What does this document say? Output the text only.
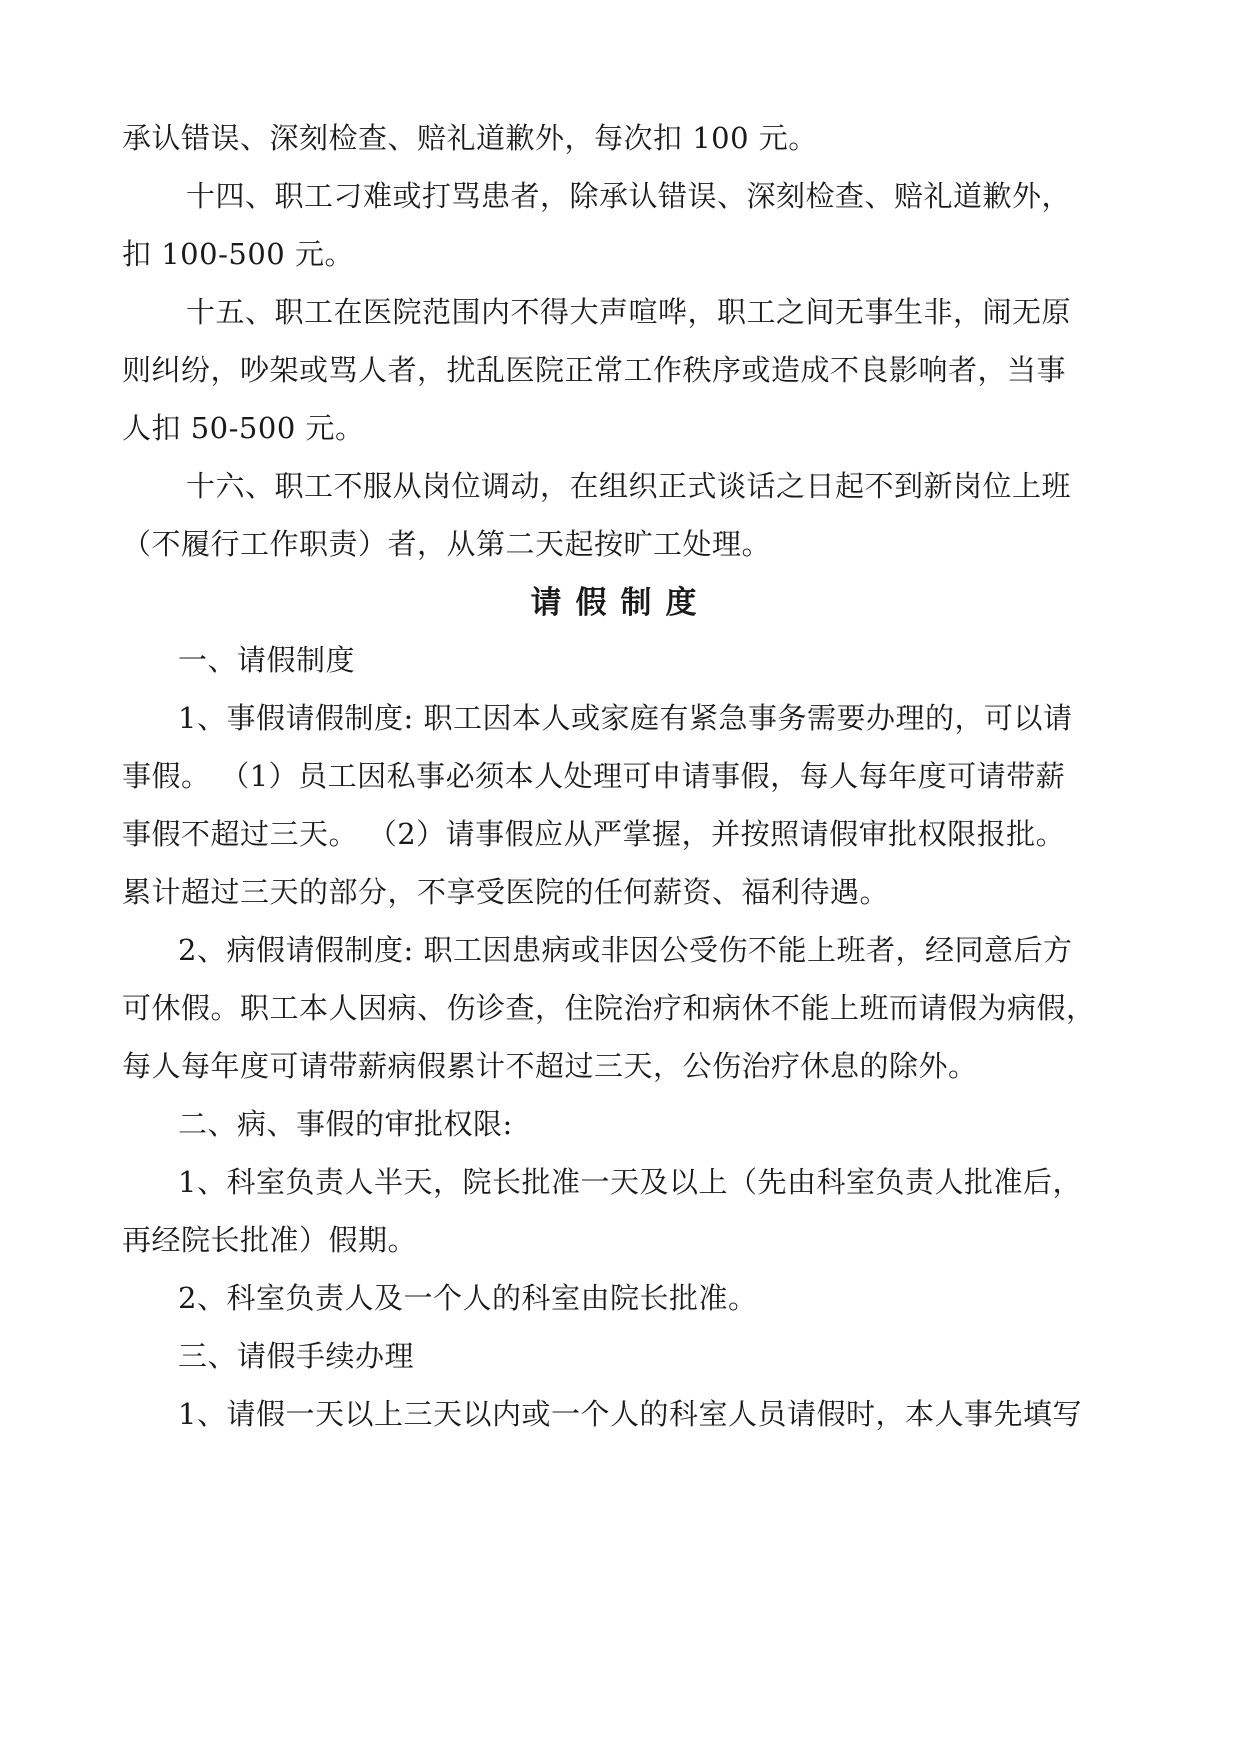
承认错误、深刻检查、赔礼道歉外，每次扣 100 元。
十四、职工刁难或打骂患者，除承认错误、深刻检查、赔礼道歉外，
扣 100-500 元。
十五、职工在医院范围内不得大声喧哗，职工之间无事生非，闹无原
则纠纷，吵架或骂人者，扰乱医院正常工作秩序或造成不良影响者，当事
人扣 50-500 元。
十六、职工不服从岗位调动，在组织正式谈话之日起不到新岗位上班
（不履行工作职责）者，从第二天起按旷工处理。
请假制度
一、请假制度
1、事假请假制度: 职工因本人或家庭有紧急事务需要办理的，可以请
事假。 （1）员工因私事必须本人处理可申请事假，每人每年度可请带薪
事假不超过三天。 （2）请事假应从严掌握，并按照请假审批权限报批。
累计超过三天的部分，不享受医院的任何薪资、福利待遇。
2、病假请假制度: 职工因患病或非因公受伤不能上班者，经同意后方
可休假。职工本人因病、伤诊查，住院治疗和病休不能上班而请假为病假，
每人每年度可请带薪病假累计不超过三天，公伤治疗休息的除外。
二、病、事假的审批权限:
1、科室负责人半天，院长批准一天及以上（先由科室负责人批准后，
再经院长批准）假期。
2、科室负责人及一个人的科室由院长批准。
三、请假手续办理
1、请假一天以上三天以内或一个人的科室人员请假时，本人事先填写
